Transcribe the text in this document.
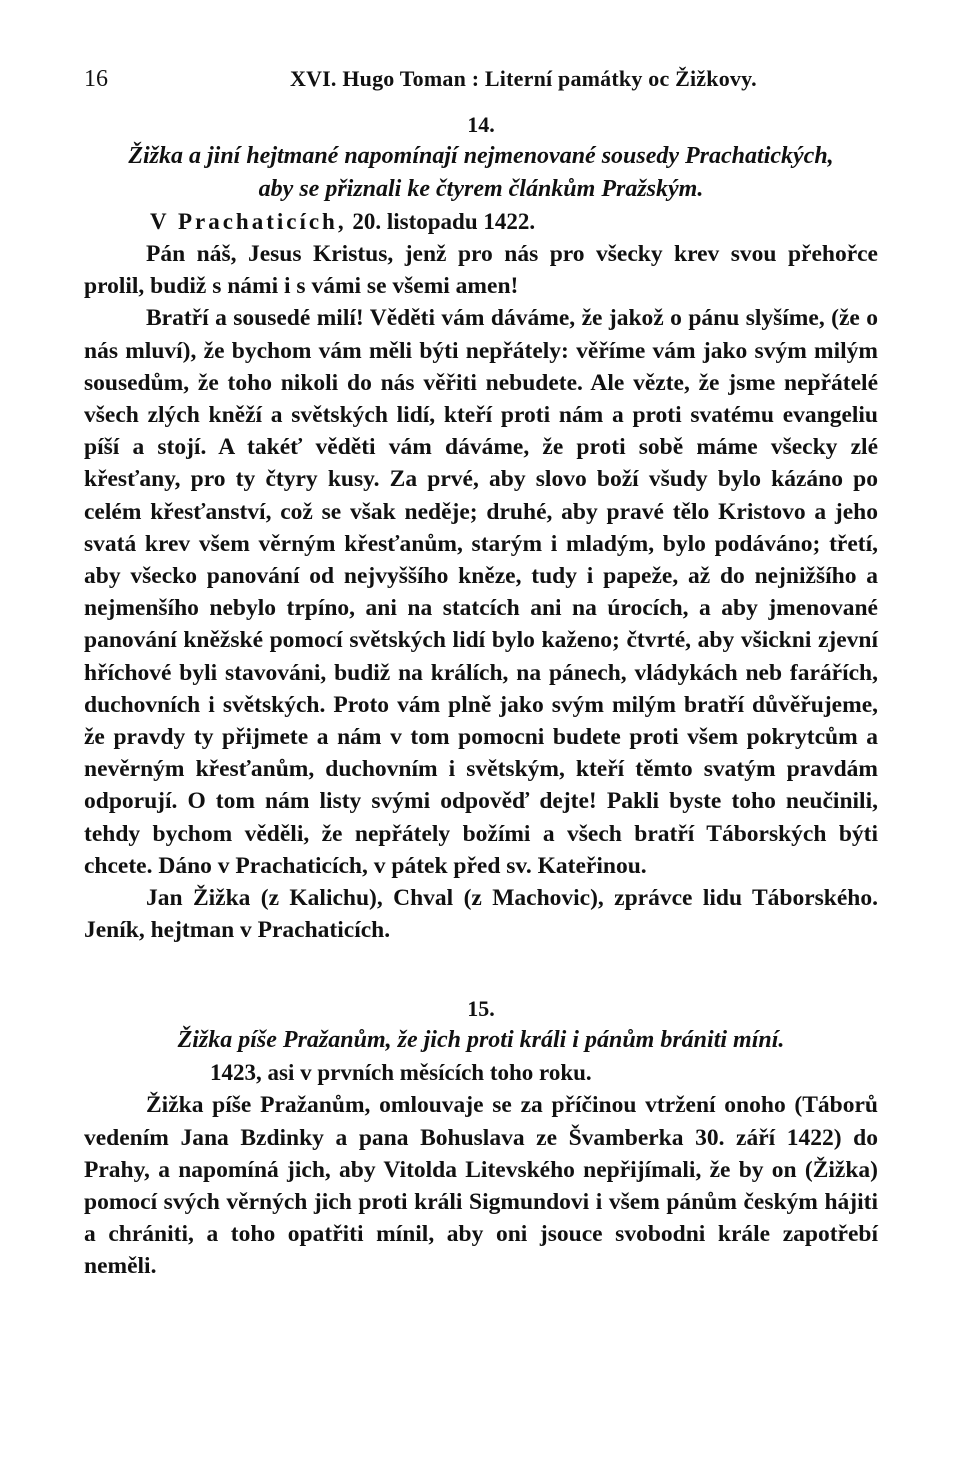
16	XVI. Hugo Toman : Literní památky oc Žižkovy.
14.
Žižka a jiní hejtmané napomínají nejmenované sousedy Prachatických,
aby se přiznali ke čtyrem článkům Pražským.
V Prachaticích, 20. listopadu 1422.

Pán náš, Jesus Kristus, jenž pro nás pro všecky krev svou přehořce prolil, budiž s námi i s vámi se všemi amen!

Bratří a sousedé milí! Věděti vám dáváme, že jakož o pánu slyšíme, (že o nás mluví), že bychom vám měli býti nepřátely: věříme vám jako svým milým sousedům, že toho nikoli do nás věřiti nebudete. Ale vězte, že jsme nepřátelé všech zlých kněží a světských lidí, kteří proti nám a proti svatému evangeliu píší a stojí. A takéť věděti vám dáváme, že proti sobě máme všecky zlé křesťany, pro ty čtyry kusy. Za prvé, aby slovo boží všudy bylo kázáno po celém křesťanství, což se však neděje; druhé, aby pravé tělo Kristovo a jeho svatá krev všem věrným křesťanům, starým i mladým, bylo podáváno; třetí, aby všecko panování od nejvyššího kněze, tudy i papeže, až do nejnižšího a nejmenšího nebylo trpíno, ani na statcích ani na úrocích, a aby jmenované panování kněžské pomocí světských lidí bylo kaženo; čtvrté, aby všickni zjevní hříchové byli stavováni, budiž na králích, na pánech, vládykách neb farářích, duchovních i světských. Proto vám plně jako svým milým bratří důvěřujeme, že pravdy ty přijmete a nám v tom pomocni budete proti všem pokrytcům a nevěrným křesťanům, duchovním i světským, kteří těmto svatým pravdám odporují. O tom nám listy svými odpověď dejte! Pakli byste toho neučinili, tehdy bychom věděli, že nepřátely božími a všech bratří Táborských býti chcete. Dáno v Prachaticích, v pátek před sv. Kateřinou.

Jan Žižka (z Kalichu), Chval (z Machovic), zprávce lidu Táborského. Jeník, hejtman v Prachaticích.

15.
Žižka píše Pražanům, že jich proti králi i pánům brániti míní.
1423, asi v prvních měsících toho roku.

Žižka píše Pražanům, omlouvaje se za příčinou vtržení onoho (Táborů vedením Jana Bzdinky a pana Bohuslava ze Švamberka 30. září 1422) do Prahy, a napomíná jich, aby Vitolda Litevského nepřijímali, že by on (Žižka) pomocí svých věrných jich proti králi Sigmundovi i všem pánům českým hájiti a chrániti, a toho opatřiti mínil, aby oni jsouce svobodni krále zapotřebí neměli.
